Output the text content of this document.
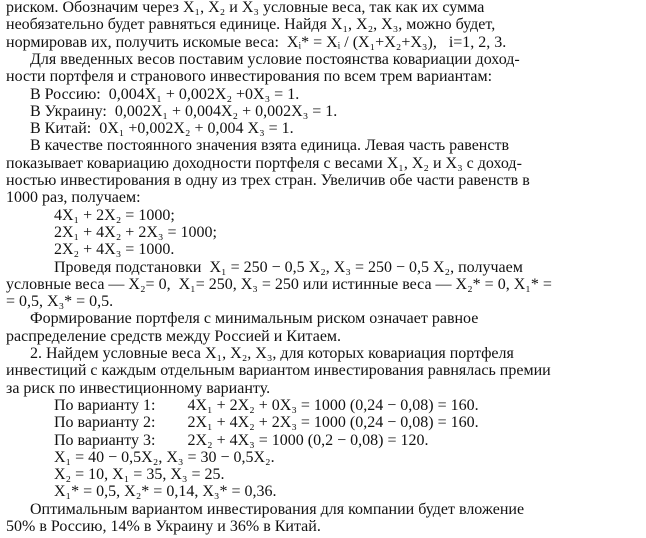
риском. Обозначим через X₁, X₂ и X₃ условные веса, так как их сумма
необязательно будет равняться единице. Найдя X₁, X₂, X₃, можно будет,
нормировав их, получить искомые веса:  Xᵢ* = Xᵢ / (X₁+X₂+X₃),   i=1, 2, 3.
Для введенных весов поставим условие постоянства ковариации доход-
ности портфеля и странового инвестирования по всем трем вариантам:
В Россию:  0,004X₁ + 0,002X₂ +0X₃ = 1.
В Украину:  0,002X₁ + 0,004X₂ + 0,002X₃ = 1.
В Китай:  0X₁ +0,002X₂ + 0,004 X₃ = 1.
В качестве постоянного значения взята единица. Левая часть равенств
показывает ковариацию доходности портфеля с весами X₁, X₂ и X₃ с доход-
ностью инвестирования в одну из трех стран. Увеличив обе части равенств в
1000 раз, получаем:
4X₁ + 2X₂ = 1000;
2X₁ + 4X₂ + 2X₃ = 1000;
2X₂ + 4X₃ = 1000.
Проведя подстановки  X₁ = 250 − 0,5 X₂, X₃ = 250 − 0,5 X₂, получаем
условные веса — X₂= 0,  X₁= 250, X₃ = 250 или истинные веса — X₂* = 0, X₁* =
= 0,5, X₃* = 0,5.
Формирование портфеля с минимальным риском означает равное
распределение средств между Россией и Китаем.
2. Найдем условные веса X₁, X₂, X₃, для которых ковариация портфеля
инвестиций с каждым отдельным вариантом инвестирования равнялась премии
за риск по инвестиционному варианту.
По варианту 1:        4X₁ + 2X₂ + 0X₃ = 1000 (0,24 − 0,08) = 160.
По варианту 2:        2X₁ + 4X₂ + 2X₃ = 1000 (0,24 − 0,08) = 160.
По варианту 3:        2X₂ + 4X₃ = 1000 (0,2 − 0,08) = 120.
X₁ = 40 − 0,5X₂, X₃ = 30 − 0,5X₂.
X₂ = 10, X₁ = 35, X₃ = 25.
X₁* = 0,5, X₂* = 0,14, X₃* = 0,36.
Оптимальным вариантом инвестирования для компании будет вложение
50% в Россию, 14% в Украину и 36% в Китай.
